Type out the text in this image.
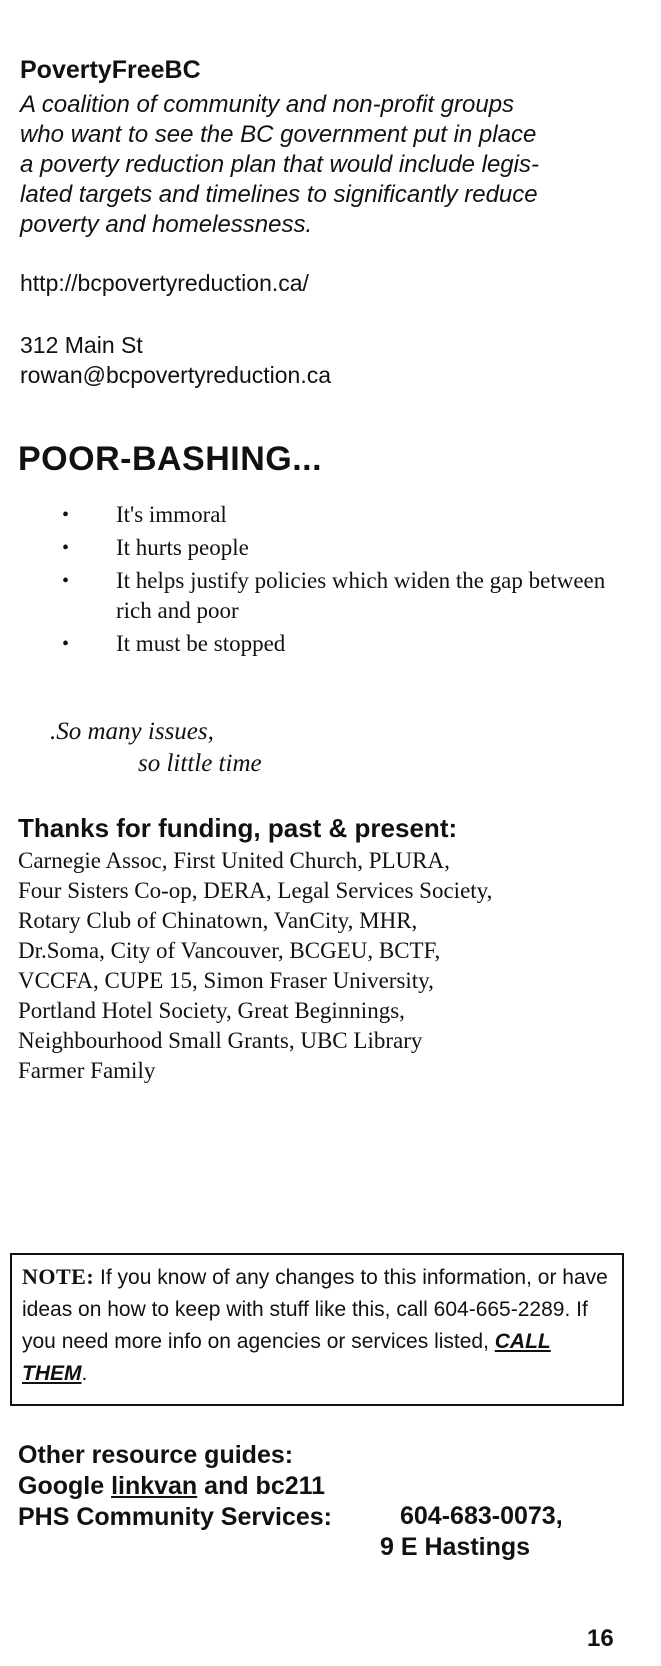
PovertyFreeBC
A coalition of community and non-profit groups
who want to see the BC government put in place
a poverty reduction plan that would include legis-
lated targets and timelines to significantly reduce
poverty and homelessness.
http://bcpovertyreduction.ca/
312 Main St
rowan@bcpovertyreduction.ca
POOR-BASHING...
• It's immoral
• It hurts people
• It helps justify policies which widen the gap between rich and poor
• It must be stopped
.So many issues,
so little time
Thanks for funding, past & present:
Carnegie Assoc, First United Church, PLURA,
Four Sisters Co-op, DERA, Legal Services Society,
Rotary Club of Chinatown, VanCity, MHR,
Dr.Soma, City of Vancouver, BCGEU, BCTF,
VCCFA, CUPE 15, Simon Fraser University,
Portland Hotel Society, Great Beginnings,
Neighbourhood Small Grants, UBC Library
Farmer Family
NOTE: If you know of any changes to this information, or have ideas on how to keep with stuff like this, call 604-665-2289. If you need more info on agencies or services listed, CALL THEM.
Other resource guides:
Google linkvan and bc211
PHS Community Services:	604-683-0073,
9 E Hastings
16
